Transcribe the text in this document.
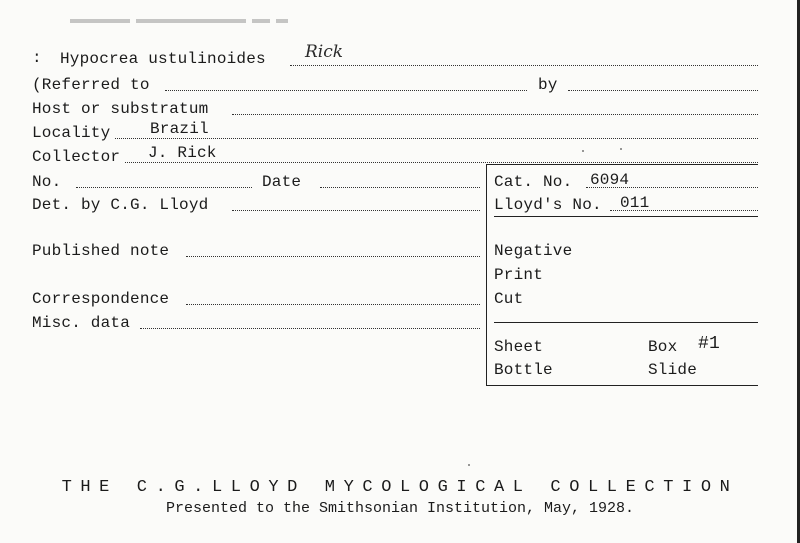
: Hypocrea ustulinoides Rick
(Referred to	by
Host or substratum
Locality Brazil
Collector J. Rick
No.	Date	Cat. No. 6094
Det. by C.G. Lloyd	Lloyd's No. 011
Published note	Negative
Print
Correspondence	Cut
Misc. data
Sheet	Box #1
Bottle	Slide
THE C.G.LLOYD MYCOLOGICAL COLLECTION
Presented to the Smithsonian Institution, May, 1928.
